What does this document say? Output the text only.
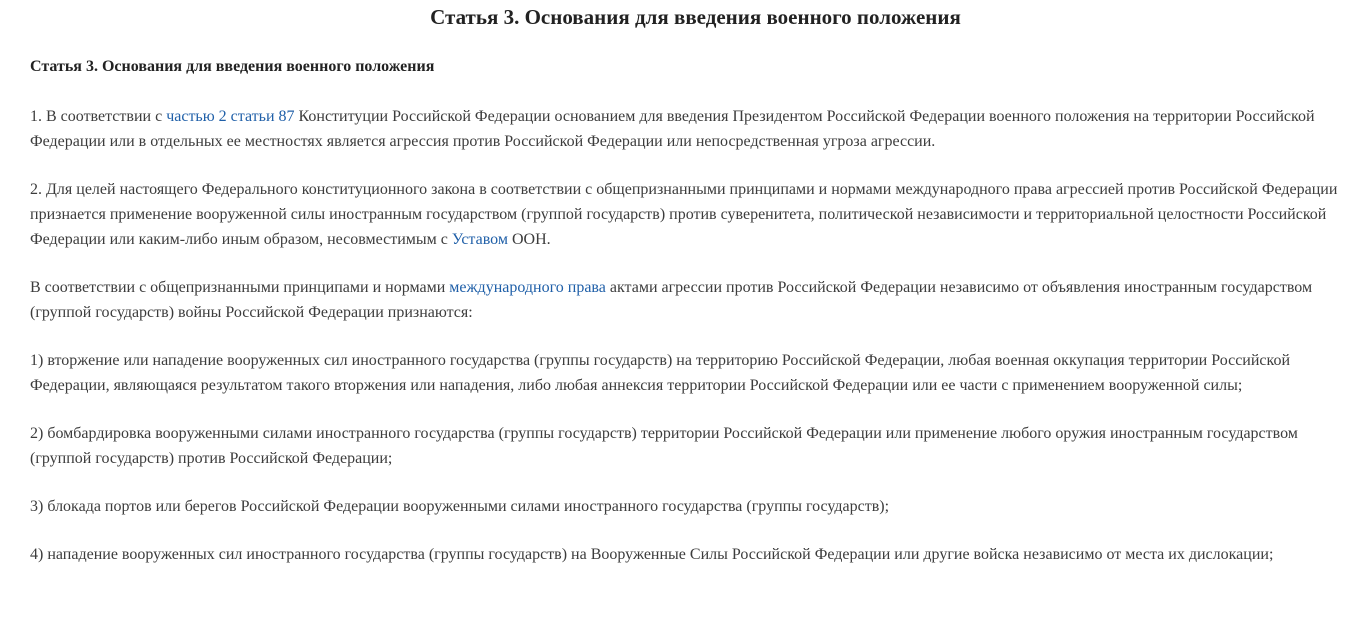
Статья 3. Основания для введения военного положения

Статья 3. Основания для введения военного положения

1. В соответствии с частью 2 статьи 87 Конституции Российской Федерации основанием для введения Президентом Российской Федерации военного положения на территории Российской Федерации или в отдельных ее местностях является агрессия против Российской Федерации или непосредственная угроза агрессии.

2. Для целей настоящего Федерального конституционного закона в соответствии с общепризнанными принципами и нормами международного права агрессией против Российской Федерации признается применение вооруженной силы иностранным государством (группой государств) против суверенитета, политической независимости и территориальной целостности Российской Федерации или каким-либо иным образом, несовместимым с Уставом ООН.

В соответствии с общепризнанными принципами и нормами международного права актами агрессии против Российской Федерации независимо от объявления иностранным государством (группой государств) войны Российской Федерации признаются:

1) вторжение или нападение вооруженных сил иностранного государства (группы государств) на территорию Российской Федерации, любая военная оккупация территории Российской Федерации, являющаяся результатом такого вторжения или нападения, либо любая аннексия территории Российской Федерации или ее части с применением вооруженной силы;

2) бомбардировка вооруженными силами иностранного государства (группы государств) территории Российской Федерации или применение любого оружия иностранным государством (группой государств) против Российской Федерации;

3) блокада портов или берегов Российской Федерации вооруженными силами иностранного государства (группы государств);

4) нападение вооруженных сил иностранного государства (группы государств) на Вооруженные Силы Российской Федерации или другие войска независимо от места их дислокации;
